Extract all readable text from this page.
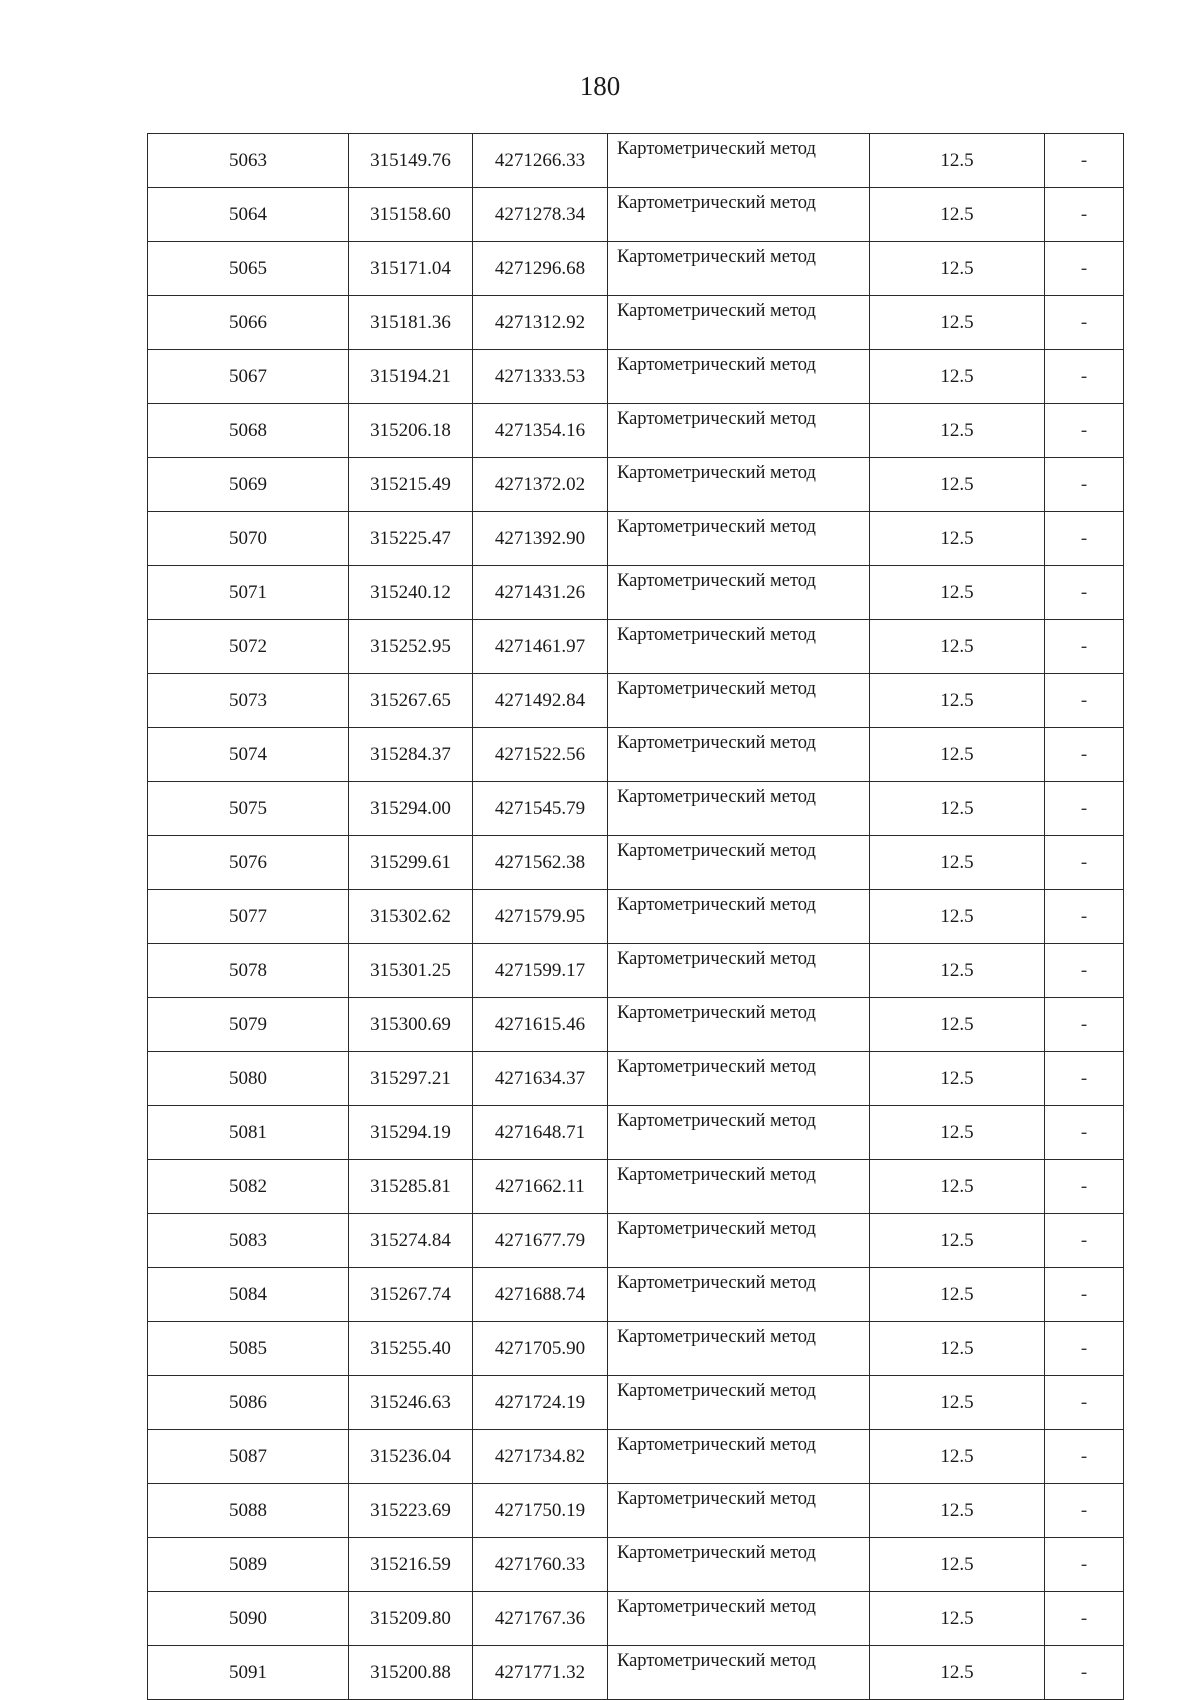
180
5063	315149.76	4271266.33	Картометрический метод	12.5	-
5064	315158.60	4271278.34	Картометрический метод	12.5	-
5065	315171.04	4271296.68	Картометрический метод	12.5	-
5066	315181.36	4271312.92	Картометрический метод	12.5	-
5067	315194.21	4271333.53	Картометрический метод	12.5	-
5068	315206.18	4271354.16	Картометрический метод	12.5	-
5069	315215.49	4271372.02	Картометрический метод	12.5	-
5070	315225.47	4271392.90	Картометрический метод	12.5	-
5071	315240.12	4271431.26	Картометрический метод	12.5	-
5072	315252.95	4271461.97	Картометрический метод	12.5	-
5073	315267.65	4271492.84	Картометрический метод	12.5	-
5074	315284.37	4271522.56	Картометрический метод	12.5	-
5075	315294.00	4271545.79	Картометрический метод	12.5	-
5076	315299.61	4271562.38	Картометрический метод	12.5	-
5077	315302.62	4271579.95	Картометрический метод	12.5	-
5078	315301.25	4271599.17	Картометрический метод	12.5	-
5079	315300.69	4271615.46	Картометрический метод	12.5	-
5080	315297.21	4271634.37	Картометрический метод	12.5	-
5081	315294.19	4271648.71	Картометрический метод	12.5	-
5082	315285.81	4271662.11	Картометрический метод	12.5	-
5083	315274.84	4271677.79	Картометрический метод	12.5	-
5084	315267.74	4271688.74	Картометрический метод	12.5	-
5085	315255.40	4271705.90	Картометрический метод	12.5	-
5086	315246.63	4271724.19	Картометрический метод	12.5	-
5087	315236.04	4271734.82	Картометрический метод	12.5	-
5088	315223.69	4271750.19	Картометрический метод	12.5	-
5089	315216.59	4271760.33	Картометрический метод	12.5	-
5090	315209.80	4271767.36	Картометрический метод	12.5	-
5091	315200.88	4271771.32	Картометрический метод	12.5	-
